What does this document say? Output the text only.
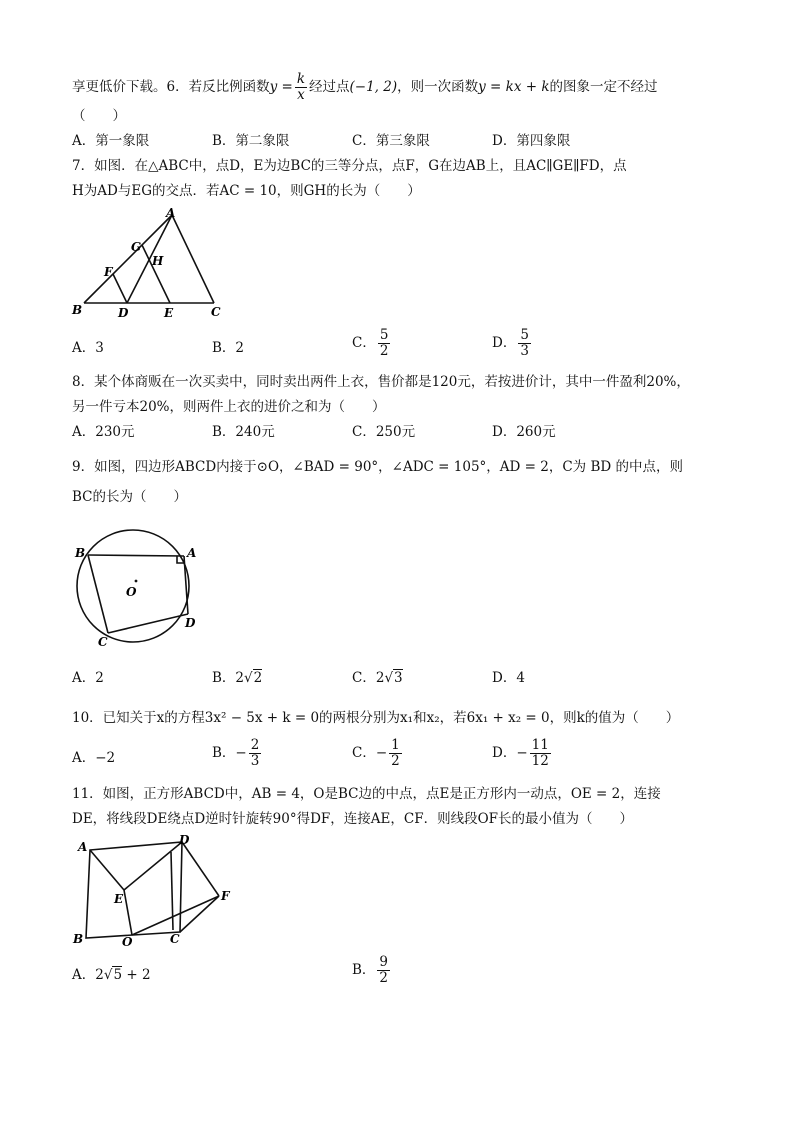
享更低价下载。6．若反比例函数$y = \frac{k}{x}$ 经过点(−1, 2)，则一次函数y = kx + k的图象一定不经过
（　　）
A．第一象限	B．第二象限	C．第三象限	D．第四象限
7．如图．在△ABC中，点D，E为边BC的三等分点，点F，G在边AB上，且AC∥GE∥FD，点
H为AD与EG的交点．若AC = 10，则GH的长为（　　）
A
B	C
D	E
F
G
H
A．3	B．2	C． $\frac{5}{2}$	D． $\frac{5}{3}$
8．某个体商贩在一次买卖中，同时卖出两件上衣，售价都是120元，若按进价计，其中一件盈利20%，
另一件亏本20%，则两件上衣的进价之和为（　　）
A．230元	B．240元	C．250元	D．260元
9．如图，四边形ABCD内接于⊙O，∠BAD = 90°，∠ADC = 105°，AD = 2，C为 BD 的中点，则
BC的长为（　　）
B	A
O
D
C
A．2	B．2√2	C．2√3	D．4
10．已知关于x的方程3x² − 5x + k = 0的两根分别为x₁和x₂，若6x₁ + x₂ = 0，则k的值为（　　）
A．−2	B．− $\frac{2}{3}$	C．− $\frac{1}{2}$	D．− $\frac{11}{12}$
11．如图，正方形ABCD中，AB = 4，O是BC边的中点，点E是正方形内一动点，OE = 2，连接
DE，将线段DE绕点D逆时针旋转90°得DF，连接AE，CF．则线段OF长的最小值为（　　）
A	D
E	F
B	O	C
A．2√5 + 2	B． $\frac{9}{2}$
